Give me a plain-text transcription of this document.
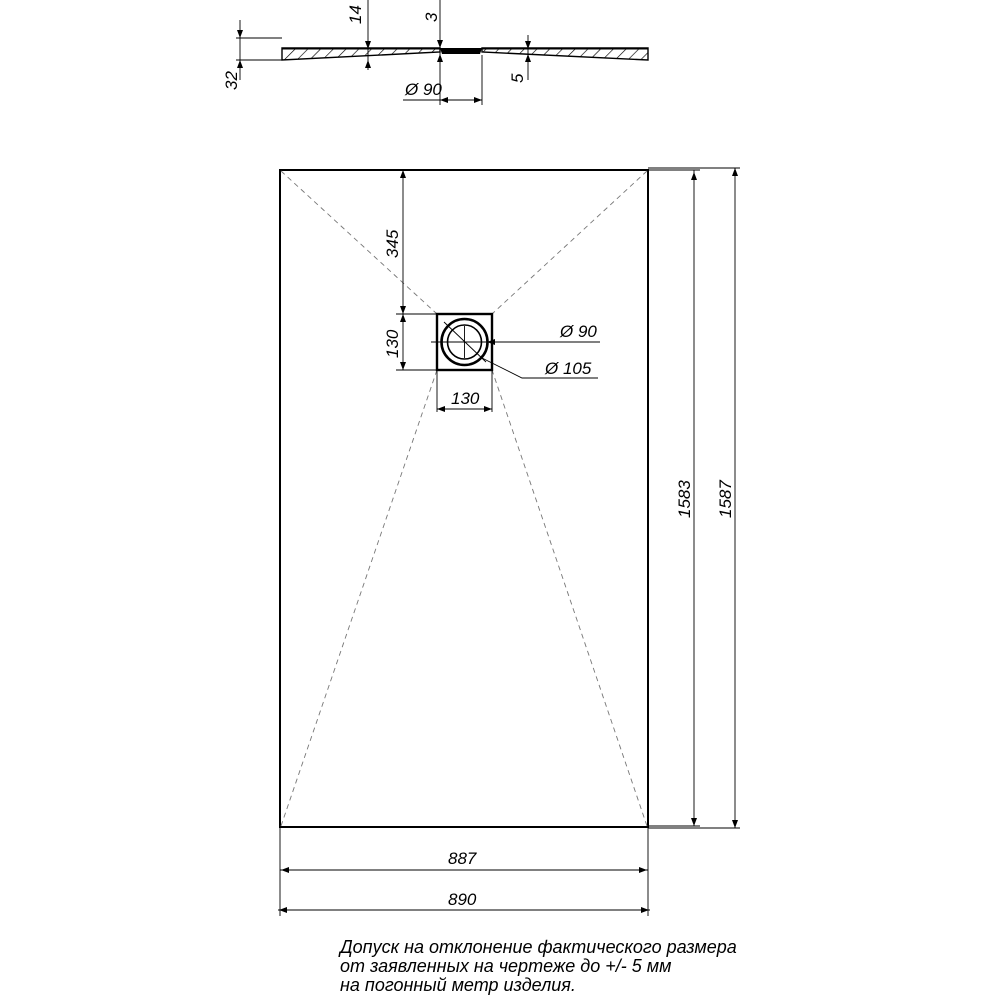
32
14	3
5
Ø 90
345
130
130
Ø 90
Ø 105
1583 1587
887
890
Допуск на отклонение фактического размера
от заявленных на чертеже до +/- 5 мм
на погонный метр изделия.
